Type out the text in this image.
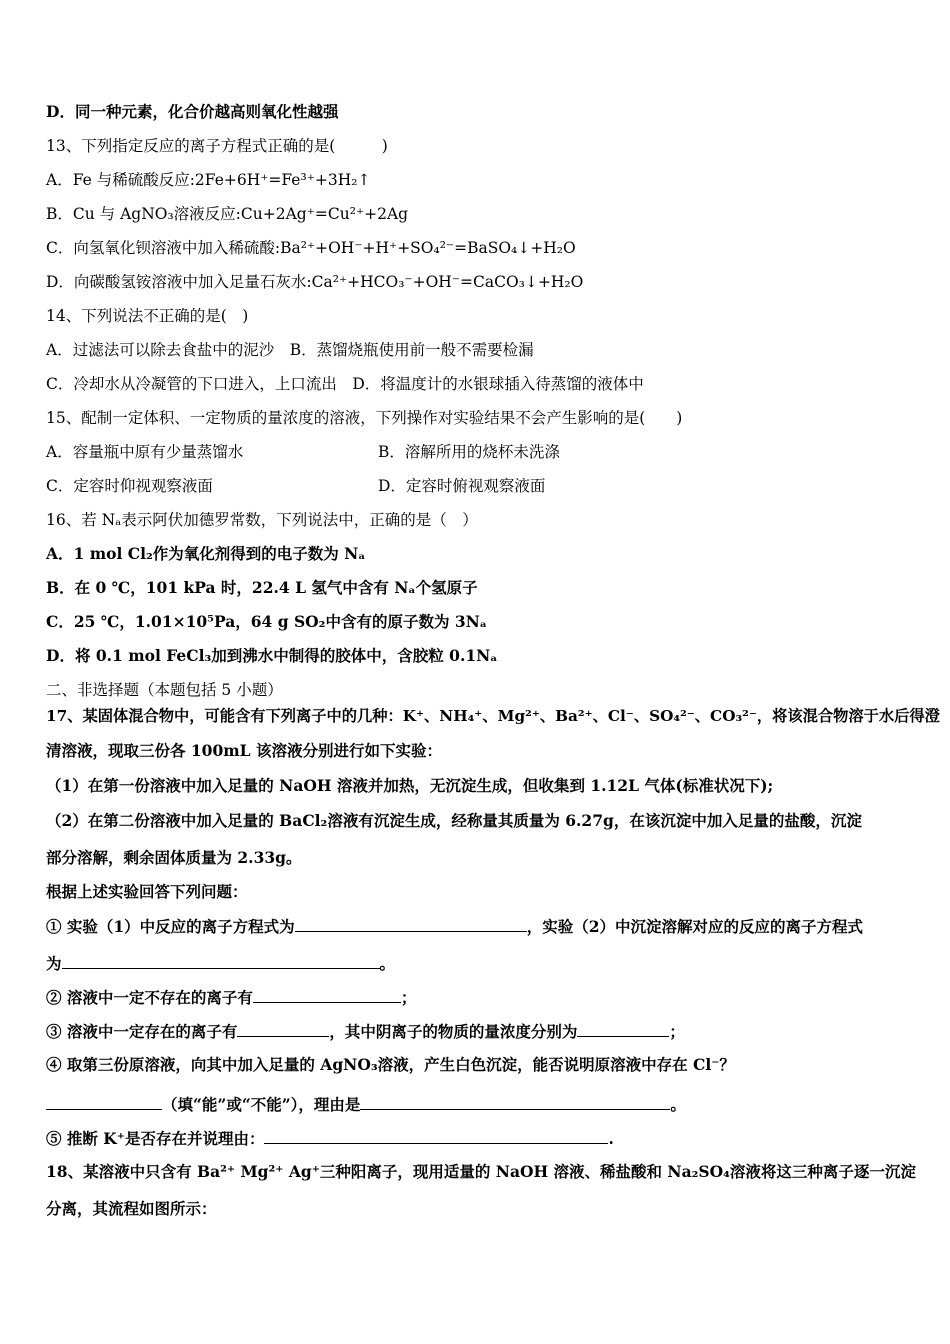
D．同一种元素，化合价越高则氧化性越强
13、下列指定反应的离子方程式正确的是(　　　)
A．Fe 与稀硫酸反应:2Fe+6H⁺=Fe³⁺+3H₂↑
B．Cu 与 AgNO₃溶液反应:Cu+2Ag⁺=Cu²⁺+2Ag
C．向氢氧化钡溶液中加入稀硫酸:Ba²⁺+OH⁻+H⁺+SO₄²⁻=BaSO₄↓+H₂O
D．向碳酸氢铵溶液中加入足量石灰水:Ca²⁺+HCO₃⁻+OH⁻=CaCO₃↓+H₂O
14、下列说法不正确的是(　)
A．过滤法可以除去食盐中的泥沙　B．蒸馏烧瓶使用前一般不需要检漏
C．冷却水从冷凝管的下口进入，上口流出　D．将温度计的水银球插入待蒸馏的液体中
15、配制一定体积、一定物质的量浓度的溶液，下列操作对实验结果不会产生影响的是(　　)
A．容量瓶中原有少量蒸馏水	B．溶解所用的烧杯未洗涤
C．定容时仰视观察液面	D．定容时俯视观察液面
16、若 Nₐ表示阿伏加德罗常数，下列说法中，正确的是（　）
A．1 mol Cl₂作为氧化剂得到的电子数为 Nₐ
B．在 0 ℃，101 kPa 时，22.4 L 氢气中含有 Nₐ个氢原子
C．25 ℃，1.01×10⁵Pa，64 g SO₂中含有的原子数为 3Nₐ
D．将 0.1 mol FeCl₃加到沸水中制得的胶体中，含胶粒 0.1Nₐ
二、非选择题（本题包括 5 小题）
17、某固体混合物中，可能含有下列离子中的几种：K⁺、NH₄⁺、Mg²⁺、Ba²⁺、Cl⁻、SO₄²⁻、CO₃²⁻，将该混合物溶于水后得澄
清溶液，现取三份各 100mL 该溶液分别进行如下实验：
（1）在第一份溶液中加入足量的 NaOH 溶液并加热，无沉淀生成，但收集到 1.12L 气体(标准状况下);
（2）在第二份溶液中加入足量的 BaCl₂溶液有沉淀生成，经称量其质量为 6.27g，在该沉淀中加入足量的盐酸，沉淀
部分溶解，剩余固体质量为 2.33g。
根据上述实验回答下列问题：
① 实验（1）中反应的离子方程式为	，实验（2）中沉淀溶解对应的反应的离子方程式
为	。
② 溶液中一定不存在的离子有	；
③ 溶液中一定存在的离子有	，其中阴离子的物质的量浓度分别为	；
④ 取第三份原溶液，向其中加入足量的 AgNO₃溶液，产生白色沉淀，能否说明原溶液中存在 Cl⁻？
（填“能”或“不能”），理由是	。
⑤ 推断 K⁺是否存在并说理由：	.
18、某溶液中只含有 Ba²⁺ Mg²⁺ Ag⁺三种阳离子，现用适量的 NaOH 溶液、稀盐酸和 Na₂SO₄溶液将这三种离子逐一沉淀
分离，其流程如图所示：
